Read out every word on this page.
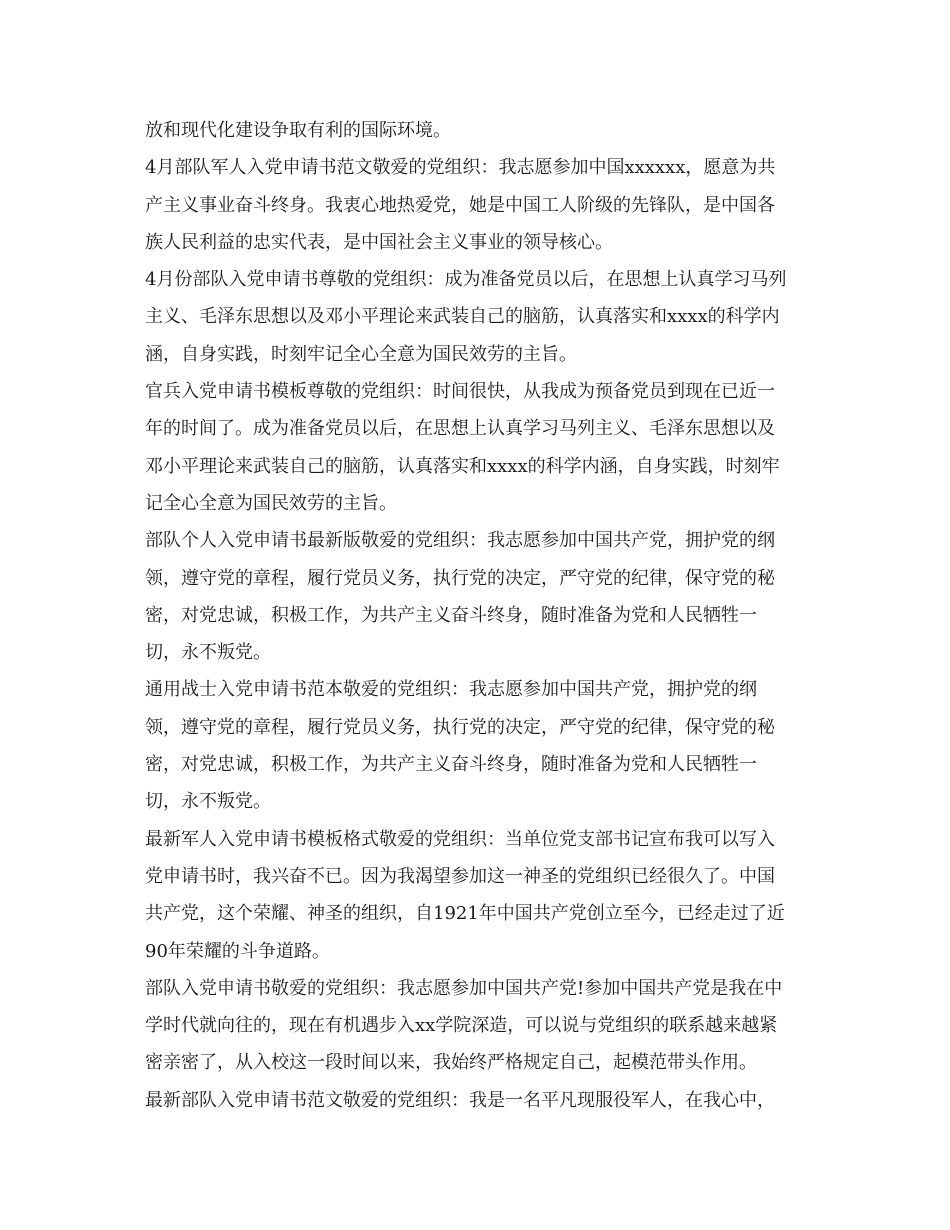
放和现代化建设争取有利的国际环境。
4月部队军人入党申请书范文敬爱的党组织：我志愿参加中国xxxxxx，愿意为共
产主义事业奋斗终身。我衷心地热爱党，她是中国工人阶级的先锋队，是中国各
族人民利益的忠实代表，是中国社会主义事业的领导核心。
4月份部队入党申请书尊敬的党组织：成为准备党员以后，在思想上认真学习马列
主义、毛泽东思想以及邓小平理论来武装自己的脑筋，认真落实和xxxx的科学内
涵，自身实践，时刻牢记全心全意为国民效劳的主旨。
官兵入党申请书模板尊敬的党组织：时间很快，从我成为预备党员到现在已近一
年的时间了。成为准备党员以后，在思想上认真学习马列主义、毛泽东思想以及
邓小平理论来武装自己的脑筋，认真落实和xxxx的科学内涵，自身实践，时刻牢
记全心全意为国民效劳的主旨。
部队个人入党申请书最新版敬爱的党组织：我志愿参加中国共产党，拥护党的纲
领，遵守党的章程，履行党员义务，执行党的决定，严守党的纪律，保守党的秘
密，对党忠诚，积极工作，为共产主义奋斗终身，随时准备为党和人民牺牲一
切，永不叛党。
通用战士入党申请书范本敬爱的党组织：我志愿参加中国共产党，拥护党的纲
领，遵守党的章程，履行党员义务，执行党的决定，严守党的纪律，保守党的秘
密，对党忠诚，积极工作，为共产主义奋斗终身，随时准备为党和人民牺牲一
切，永不叛党。
最新军人入党申请书模板格式敬爱的党组织：当单位党支部书记宣布我可以写入
党申请书时，我兴奋不已。因为我渴望参加这一神圣的党组织已经很久了。中国
共产党，这个荣耀、神圣的组织，自1921年中国共产党创立至今，已经走过了近
90年荣耀的斗争道路。
部队入党申请书敬爱的党组织：我志愿参加中国共产党!参加中国共产党是我在中
学时代就向往的，现在有机遇步入xx学院深造，可以说与党组织的联系越来越紧
密亲密了，从入校这一段时间以来，我始终严格规定自己，起模范带头作用。
最新部队入党申请书范文敬爱的党组织：我是一名平凡现服役军人，在我心中，
